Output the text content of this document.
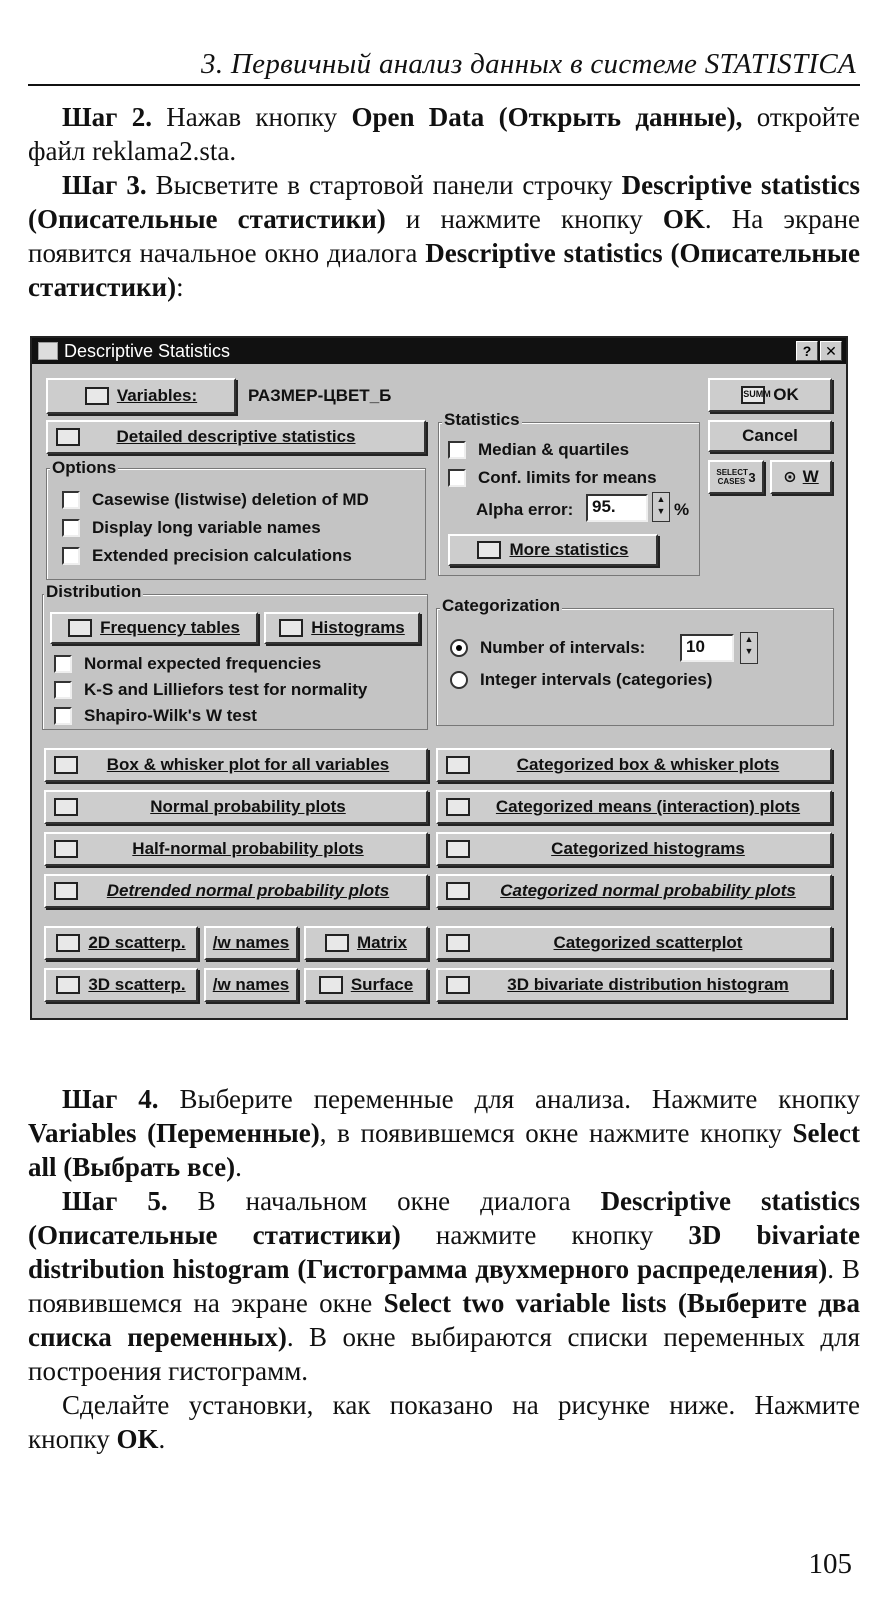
3. Первичный анализ данных в системе STATISTICA

Шаг 2. Нажав кнопку Open Data (Открыть данные), откройте файл reklama2.sta.

Шаг 3. Высветите в стартовой панели строчку Descriptive statistics (Описательные статистики) и нажмите кнопку OK. На экране появится начальное окно диалога Descriptive statistics (Описательные статистики):

Descriptive Statistics	? ✕
Variables:	РАЗМЕР-ЦВЕТ_Б
Detailed descriptive statistics
Options
Casewise (listwise) deletion of MD
Display long variable names
Extended precision calculations
Statistics
Median & quartiles
Conf. limits for means
Alpha error:	95.	▲
▼ %
More statistics
SUMM OK
Cancel
SELECT CASES 3 ⊙ W
Distribution
Frequency tables	Histograms
Normal expected frequencies
K-S and Lilliefors test for normality
Shapiro-Wilk's W test
Categorization
Number of intervals:	10	▲
▼
Integer intervals (categories)
Box & whisker plot for all variables
Normal probability plots
Half-normal probability plots
Detrended normal probability plots
Categorized box & whisker plots
Categorized means (interaction) plots
Categorized histograms
Categorized normal probability plots
2D scatterp. /w names	Matrix	Categorized scatterplot
3D scatterp. /w names	Surface	3D bivariate distribution histogram

Шаг 4. Выберите переменные для анализа. Нажмите кнопку Variables (Переменные), в появившемся окне нажмите кнопку Select all (Выбрать все).

Шаг 5. В начальном окне диалога Descriptive statistics (Описательные статистики) нажмите кнопку 3D bivariate distribution histogram (Гистограмма двухмерного распределения). В появившемся на экране окне Select two variable lists (Выберите два списка переменных). В окне выбираются списки переменных для построения гистограмм.

Сделайте установки, как показано на рисунке ниже. Нажмите кнопку OK.

105
